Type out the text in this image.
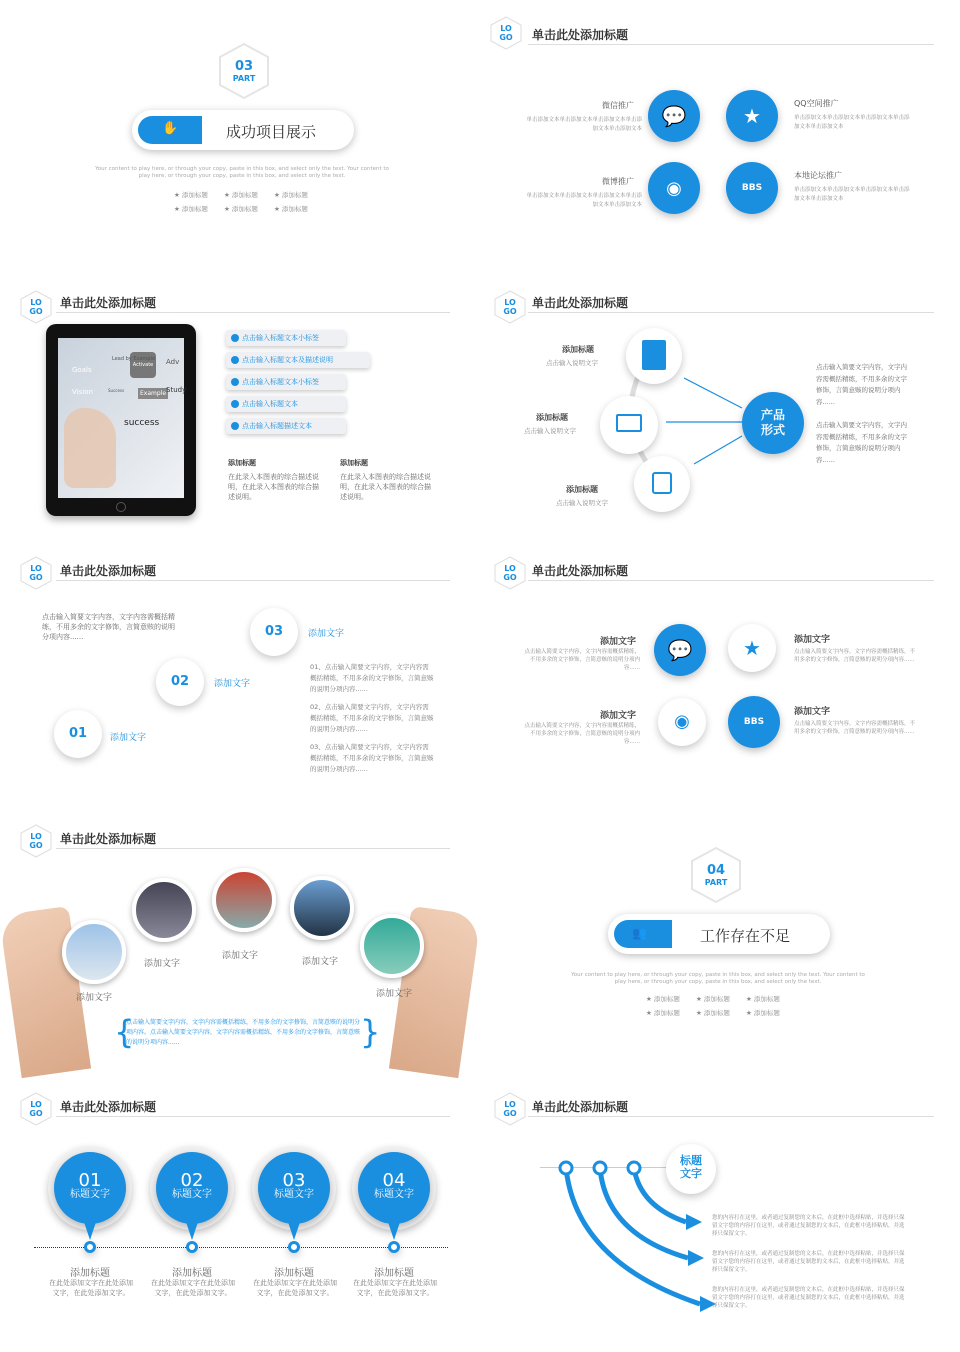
03
PART
✋	成功项目展示
Your content to play here, or through your copy, paste in this box, and select only the text. Your content to play here, or through your copy, paste in this box, and select only the text.
★ 添加标题 ★ 添加标题 ★ 添加标题
★ 添加标题 ★ 添加标题 ★ 添加标题
LO
GO	单击此处添加标题
💬	★
◉	BBS
微信推广
单击添加文本单击添加文本单击添加文本单击添加文本单击添加文本
QQ空间推广
单击添加文本单击添加文本单击添加文本单击添加文本单击添加文本
微博推广
单击添加文本单击添加文本单击添加文本单击添加文本单击添加文本
本地论坛推广
单击添加文本单击添加文本单击添加文本单击添加文本单击添加文本
LO
GO
单击此处添加标题
Activate
Lead by Example Adv
Goals
Vision	Success	Example Study
success
点击输入标题文本小标签
点击输入标题文本及描述说明
点击输入标题文本小标签
点击输入标题文本
点击输入标题描述文本
添加标题
在此录入本图表的综合描述说明，在此录入本图表的综合描述说明。
添加标题
在此录入本图表的综合描述说明，在此录入本图表的综合描述说明。
LO
GO
单击此处添加标题
产品形式
添加标题
点击输入说明文字
添加标题
点击输入说明文字
添加标题
点击输入说明文字
点击输入简要文字内容，文字内容需概括精练，不用多余的文字修饰，言简意赅的说明分项内容......
点击输入简要文字内容，文字内容需概括精练，不用多余的文字修饰，言简意赅的说明分项内容......
LO
GO	单击此处添加标题
点击输入简要文字内容，文字内容需概括精练，不用多余的文字修饰，言简意赅的说明分项内容......
01	添加文字
02	添加文字
03	添加文字
01、点击输入简要文字内容，文字内容需概括精练，不用多余的文字修饰，言简意赅的说明分项内容......
02、点击输入简要文字内容，文字内容需概括精练，不用多余的文字修饰，言简意赅的说明分项内容......
03、点击输入简要文字内容，文字内容需概括精练，不用多余的文字修饰，言简意赅的说明分项内容......
LO
GO	单击此处添加标题
💬	★
◉	BBS
添加文字
点击输入简要文字内容，文字内容需概括精练，不用多余的文字修饰，言简意赅的说明分项内容......
添加文字
点击输入简要文字内容，文字内容需概括精练，不用多余的文字修饰，言简意赅的说明分项内容......
添加文字
点击输入简要文字内容，文字内容需概括精练，不用多余的文字修饰，言简意赅的说明分项内容......
添加文字
点击输入简要文字内容，文字内容需概括精练，不用多余的文字修饰，言简意赅的说明分项内容......
LO
GO	单击此处添加标题
添加文字
添加文字
添加文字
添加文字
添加文字
{	}
点击输入简要文字内容，文字内容需概括精练，不用多余的文字修饰，言简意赅的说明分项内容。点击输入简要文字内容，文字内容需概括精练，不用多余的文字修饰，言简意赅的说明分项内容......
04
PART
👥	工作存在不足
Your content to play here, or through your copy, paste in this box, and select only the text. Your content to play here, or through your copy, paste in this box, and select only the text.
★ 添加标题 ★ 添加标题 ★ 添加标题
★ 添加标题 ★ 添加标题 ★ 添加标题
LO
GO	单击此处添加标题
01
标题文字
添加标题
在此处添加文字在此处添加文字，在此处添加文字。
02
标题文字
添加标题
在此处添加文字在此处添加文字，在此处添加文字。
03
标题文字
添加标题
在此处添加文字在此处添加文字，在此处添加文字。
04
标题文字
添加标题
在此处添加文字在此处添加文字，在此处添加文字。
LO
GO	单击此处添加标题
标题文字
您的内容打在这里，或者通过复制您的文本后，在此框中选择粘贴，并选择只保留文字您的内容打在这里，或者通过复制您的文本后，在此框中选择粘贴，并选择只保留文字。
您的内容打在这里，或者通过复制您的文本后，在此框中选择粘贴，并选择只保留文字您的内容打在这里，或者通过复制您的文本后，在此框中选择粘贴，并选择只保留文字。
您的内容打在这里，或者通过复制您的文本后，在此框中选择粘贴，并选择只保留文字您的内容打在这里，或者通过复制您的文本后，在此框中选择粘贴，并选择只保留文字。
